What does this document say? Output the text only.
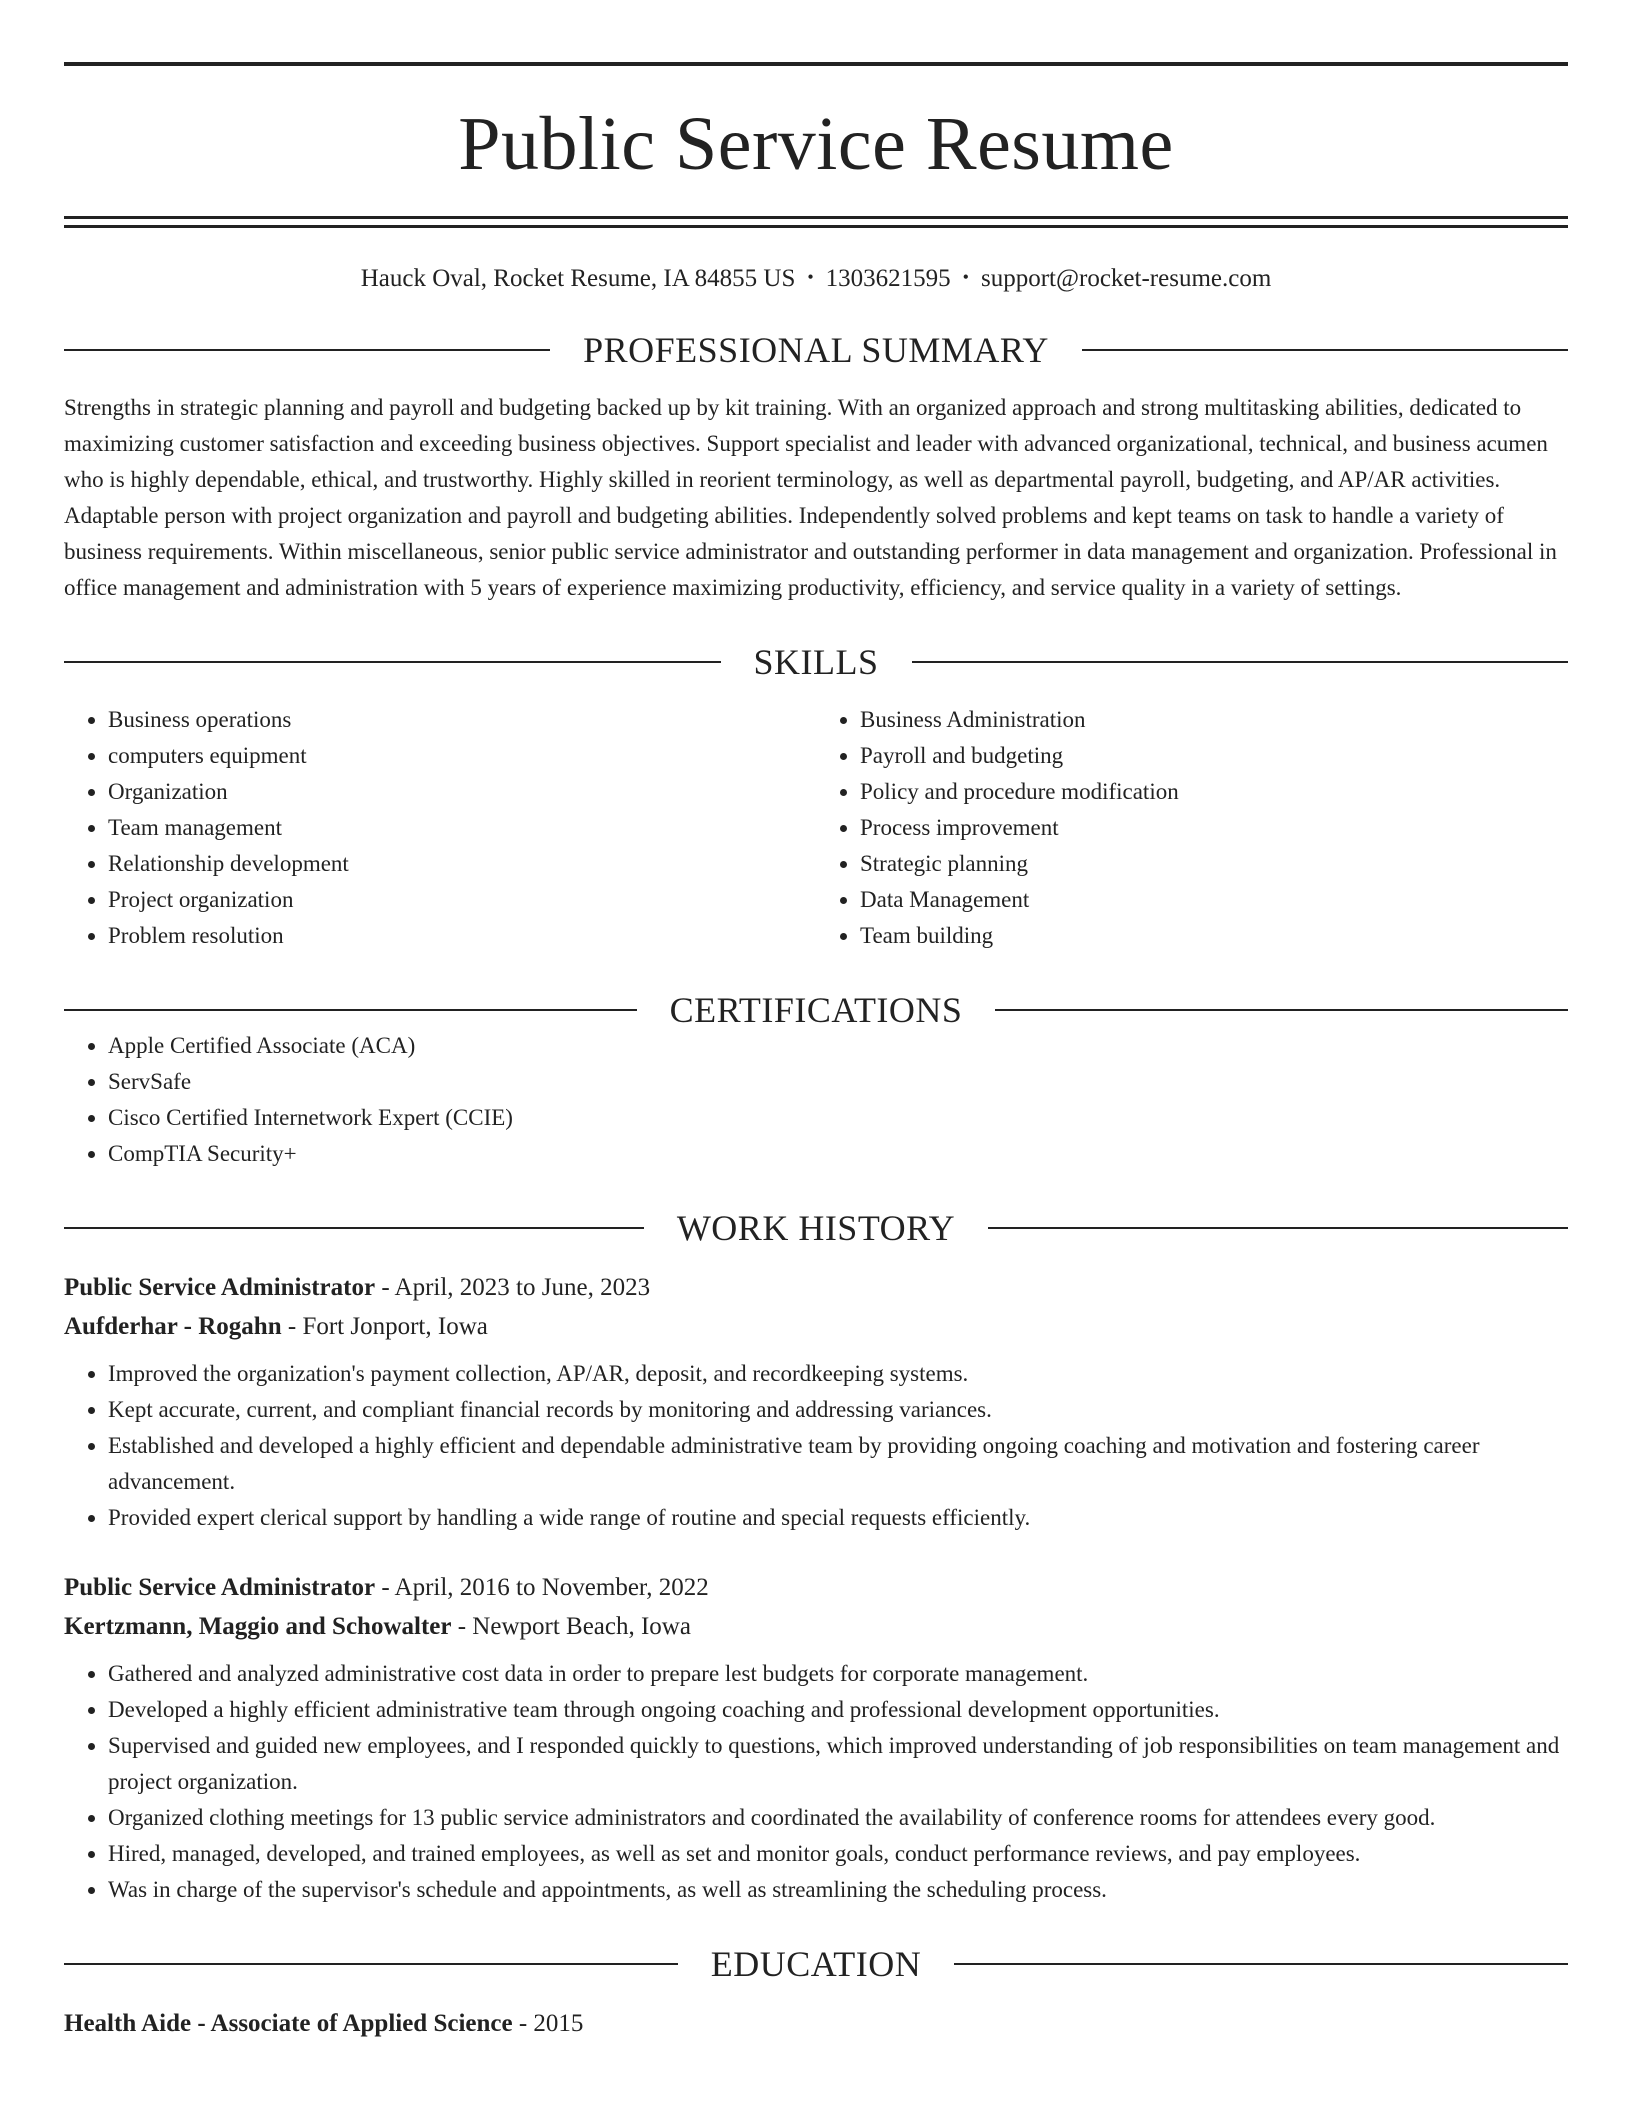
Public Service Resume
Hauck Oval, Rocket Resume, IA 84855 US • 1303621595 • support@rocket-resume.com
PROFESSIONAL SUMMARY
Strengths in strategic planning and payroll and budgeting backed up by kit training. With an organized approach and strong multitasking abilities, dedicated to maximizing customer satisfaction and exceeding business objectives. Support specialist and leader with advanced organizational, technical, and business acumen who is highly dependable, ethical, and trustworthy. Highly skilled in reorient terminology, as well as departmental payroll, budgeting, and AP/AR activities. Adaptable person with project organization and payroll and budgeting abilities. Independently solved problems and kept teams on task to handle a variety of business requirements. Within miscellaneous, senior public service administrator and outstanding performer in data management and organization. Professional in office management and administration with 5 years of experience maximizing productivity, efficiency, and service quality in a variety of settings.
SKILLS
• Business operations
• computers equipment
• Organization
• Team management
• Relationship development
• Project organization
• Problem resolution
• Business Administration
• Payroll and budgeting
• Policy and procedure modification
• Process improvement
• Strategic planning
• Data Management
• Team building
CERTIFICATIONS
• Apple Certified Associate (ACA)
• ServSafe
• Cisco Certified Internetwork Expert (CCIE)
• CompTIA Security+
WORK HISTORY
Public Service Administrator - April, 2023 to June, 2023
Aufderhar - Rogahn - Fort Jonport, Iowa
• Improved the organization's payment collection, AP/AR, deposit, and recordkeeping systems.
• Kept accurate, current, and compliant financial records by monitoring and addressing variances.
• Established and developed a highly efficient and dependable administrative team by providing ongoing coaching and motivation and fostering career advancement.
• Provided expert clerical support by handling a wide range of routine and special requests efficiently.
Public Service Administrator - April, 2016 to November, 2022
Kertzmann, Maggio and Schowalter - Newport Beach, Iowa
• Gathered and analyzed administrative cost data in order to prepare lest budgets for corporate management.
• Developed a highly efficient administrative team through ongoing coaching and professional development opportunities.
• Supervised and guided new employees, and I responded quickly to questions, which improved understanding of job responsibilities on team management and project organization.
• Organized clothing meetings for 13 public service administrators and coordinated the availability of conference rooms for attendees every good.
• Hired, managed, developed, and trained employees, as well as set and monitor goals, conduct performance reviews, and pay employees.
• Was in charge of the supervisor's schedule and appointments, as well as streamlining the scheduling process.
EDUCATION
Health Aide - Associate of Applied Science - 2015
